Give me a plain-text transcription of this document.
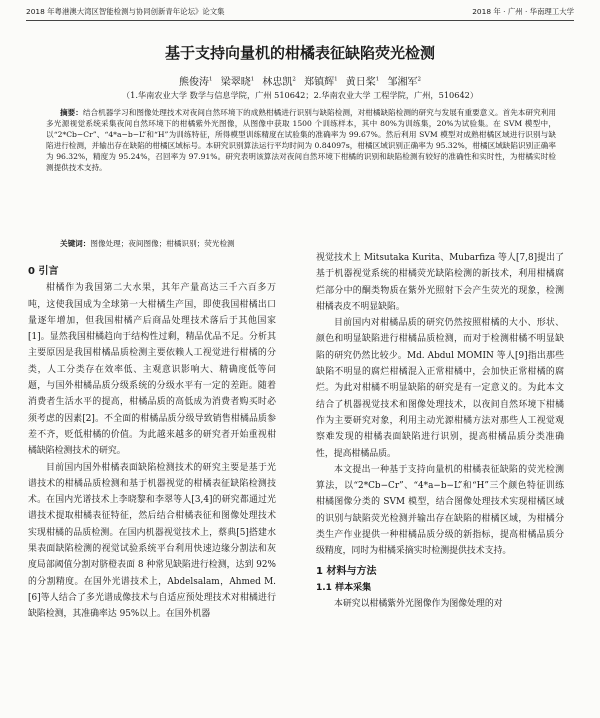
2018 年粤港澳大湾区智能检测与协同创新青年论坛》论文集	2018 年 · 广州 · 华南理工大学
基于支持向量机的柑橘表征缺陷荧光检测
熊俊涛$^1$  梁翠晓$^1$  林忠凯$^2$  郑镇辉$^1$  黄日桨$^1$  邹湘军$^2$
（1.华南农业大学 数学与信息学院，广州 510642；2.华南农业大学 工程学院，广州，510642）
摘要：结合机器学习和图像处理技术对夜间自然环境下的成熟柑橘进行识别与缺陷检测，对柑橘缺陷检测的研究与发展有重要意义。首先本研究利用多光源视觉系统采集夜间自然环境下的柑橘紫外光图像，从图像中获取 1500 个训练样本，其中 80%为训练集，20%为试验集。在 SVM 模型中，以“2*Cb−Cr”、“4*a−b−L”和“H”为训练特征，所得模型训练精度在试验集的准确率为 99.67%。然后利用 SVM 模型对成熟柑橘区域进行识别与缺陷进行检测，并输出存在缺陷的柑橘区域标号。本研究识别算法运行平均时间为 0.84097s，柑橘区域识别正确率为 95.32%，柑橘区域缺陷识别正确率为 96.32%，精度为 95.24%，召回率为 97.91%。研究表明该算法对夜间自然环境下柑橘的识别和缺陷检测有较好的准确性和实时性，为柑橘实时检测提供技术支持。
关键词：图像处理；夜间图像；柑橘识别；荧光检测

0 引言

柑橘作为我国第二大水果，其年产量高达三千六百多万吨，这使我国成为全球第一大柑橘生产国，即使我国柑橘出口量逐年增加，但我国柑橘产后商品处理技术落后于其他国家[1]。显然我国柑橘趋向于结构性过剩，精品优品不足。分析其主要原因是我国柑橘品质检测主要依赖人工视觉进行柑橘的分类，人工分类存在效率低、主观意识影响大、精确度低等问题，与国外柑橘品质分级系统的分级水平有一定的差距。随着消费者生活水平的提高，柑橘品质的高低成为消费者购买时必须考虑的因素[2]。不全面的柑橘品质分级导致销售柑橘品质参差不齐，贬低柑橘的价值。为此越来越多的研究者开始重视柑橘缺陷检测技术的研究。

目前国内国外柑橘表面缺陷检测技术的研究主要是基于光谱技术的柑橘品质检测和基于机器视觉的柑橘表征缺陷检测技术。在国内光谱技术上李晓黎和李翠等人[3,4]的研究都通过光谱技术提取柑橘表征特征，然后结合柑橘表征和图像处理技术实现柑橘的品质检测。在国内机器视觉技术上，蔡典[5]搭建水果表面缺陷检测的视觉试验系统平台利用快速边缘分割法和灰度局部阈值分割对脐橙表面 8 种常见缺陷进行检测，达到 92%的分割精度。在国外光谱技术上，Abdelsalam，Ahmed M.[6]等人结合了多光谱成像技术与自适应预处理技术对柑橘进行缺陷检测，其准确率达 95%以上。在国外机器

视觉技术上 Mitsutaka Kurita、Mubarfiza 等人[7,8]提出了基于机器视觉系统的柑橘荧光缺陷检测的新技术，利用柑橘腐烂部分中的酮类物质在紫外光照射下会产生荧光的现象，检测柑橘表皮不明显缺陷。

目前国内对柑橘品质的研究仍然按照柑橘的大小、形状、颜色和明显缺陷进行柑橘品质检测，而对于检测柑橘不明显缺陷的研究仍然比较少。Md. Abdul MOMIN 等人[9]指出那些缺陷不明显的腐烂柑橘混入正常柑橘中，会加快正常柑橘的腐烂。为此对柑橘不明显缺陷的研究是有一定意义的。为此本文结合了机器视觉技术和图像处理技术，以夜间自然环境下柑橘作为主要研究对象，利用主动光源柑橘方法对那些人工视觉观察难发现的柑橘表面缺陷进行识别，提高柑橘品质分类准确性，提高柑橘品质。

本文提出一种基于支持向量机的柑橘表征缺陷的荧光检测算法，以“2*Cb−Cr”、“4*a−b−L”和“H”三个颜色特征训练柑橘图像分类的 SVM 模型，结合图像处理技术实现柑橘区域的识别与缺陷荧光检测并输出存在缺陷的柑橘区域，为柑橘分类生产作业提供一种柑橘品质分级的新指标，提高柑橘品质分级精度，同时为柑橘采摘实时检测提供技术支持。

1 材料与方法

1.1 样本采集

本研究以柑橘紫外光图像作为图像处理的对
